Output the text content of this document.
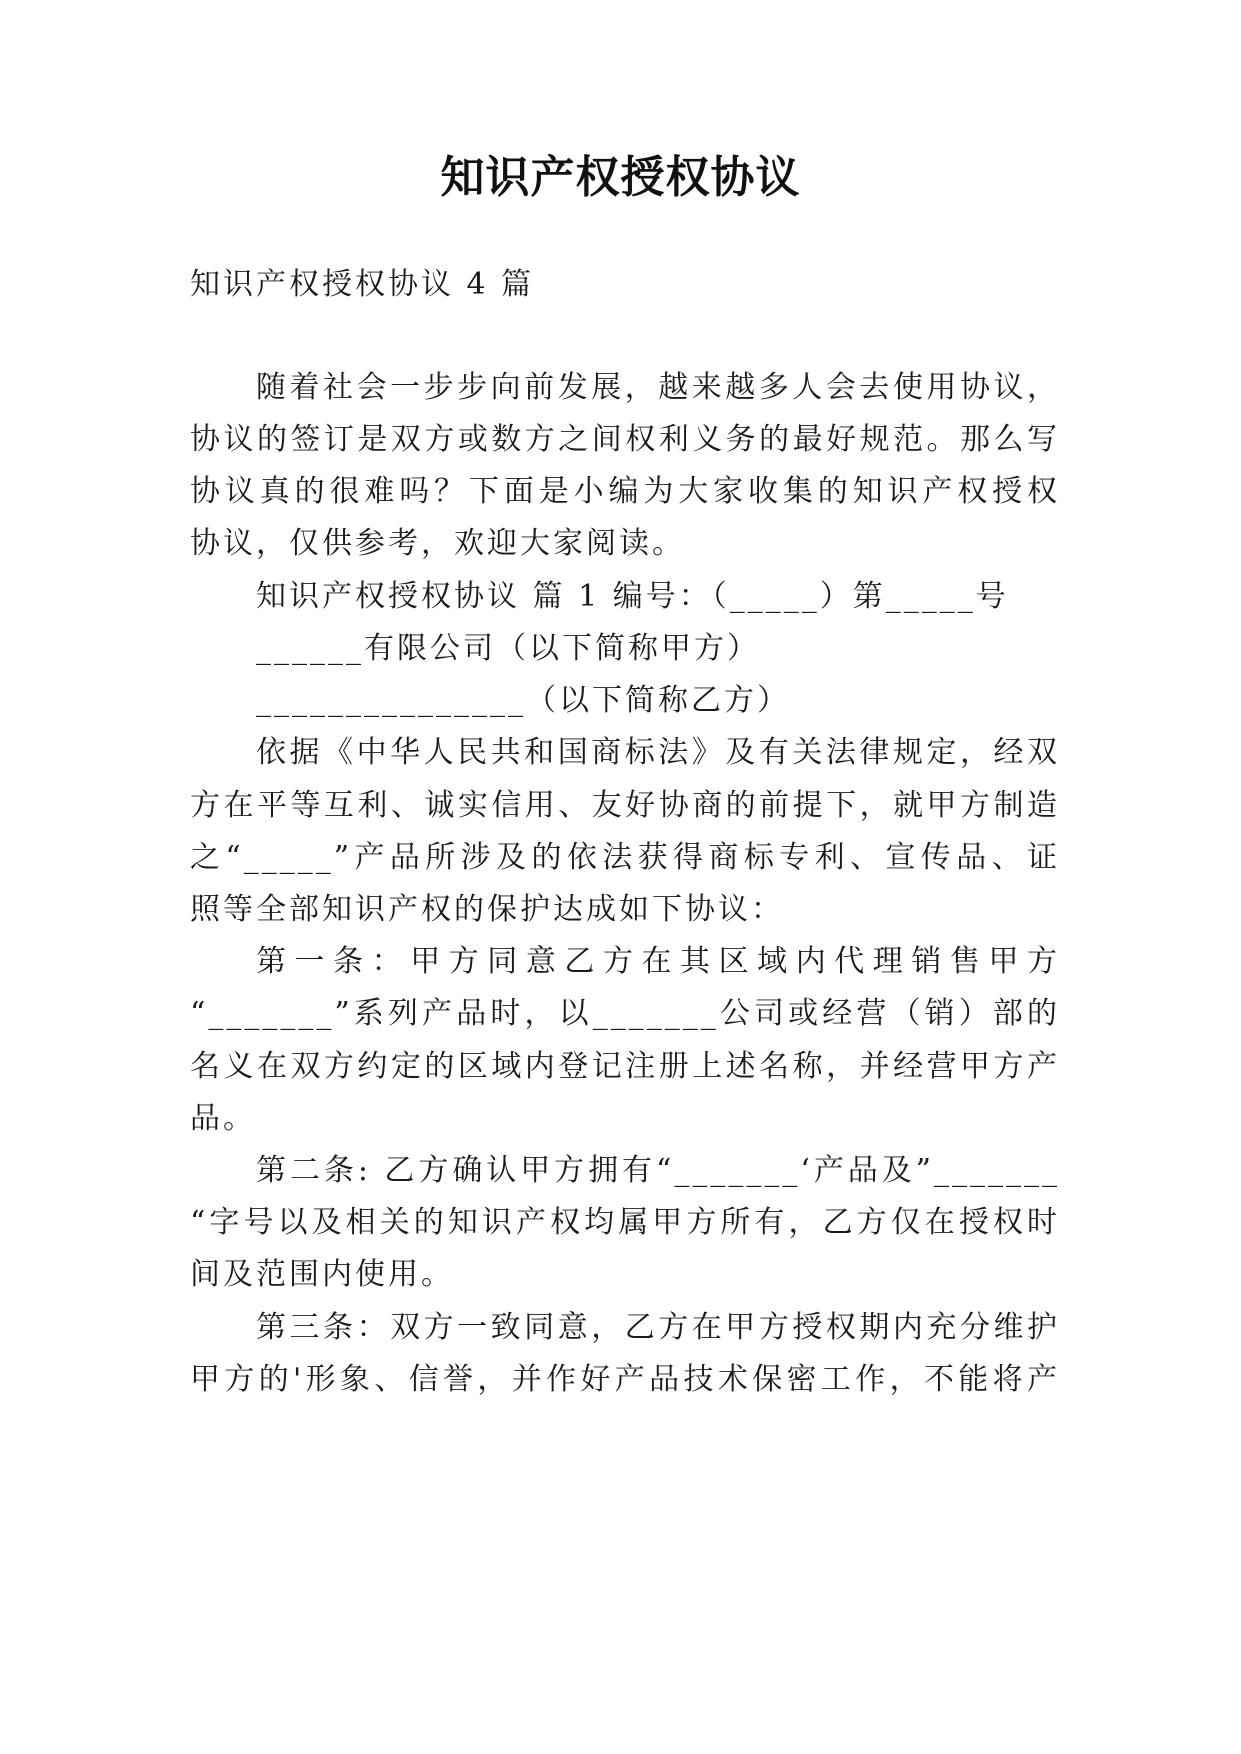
知识产权授权协议
知识产权授权协议 4 篇
随着社会一步步向前发展，越来越多人会去使用协议，
协议的签订是双方或数方之间权利义务的最好规范。那么写
协议真的很难吗？下面是小编为大家收集的知识产权授权
协议，仅供参考，欢迎大家阅读。
知识产权授权协议 篇 1 编号：（_____）第_____号
______有限公司（以下简称甲方）
_______________（以下简称乙方）
依据《中华人民共和国商标法》及有关法律规定，经双
方在平等互利、诚实信用、友好协商的前提下，就甲方制造
之“_____”产品所涉及的依法获得商标专利、宣传品、证
照等全部知识产权的保护达成如下协议：
第一条：甲方同意乙方在其区域内代理销售甲方
“_______”系列产品时，以_______公司或经营（销）部的
名义在双方约定的区域内登记注册上述名称，并经营甲方产
品。
第二条: 乙方确认甲方拥有“_______‘产品及”_______
“字号以及相关的知识产权均属甲方所有，乙方仅在授权时
间及范围内使用。
第三条：双方一致同意，乙方在甲方授权期内充分维护
甲方的'形象、信誉，并作好产品技术保密工作，不能将产
